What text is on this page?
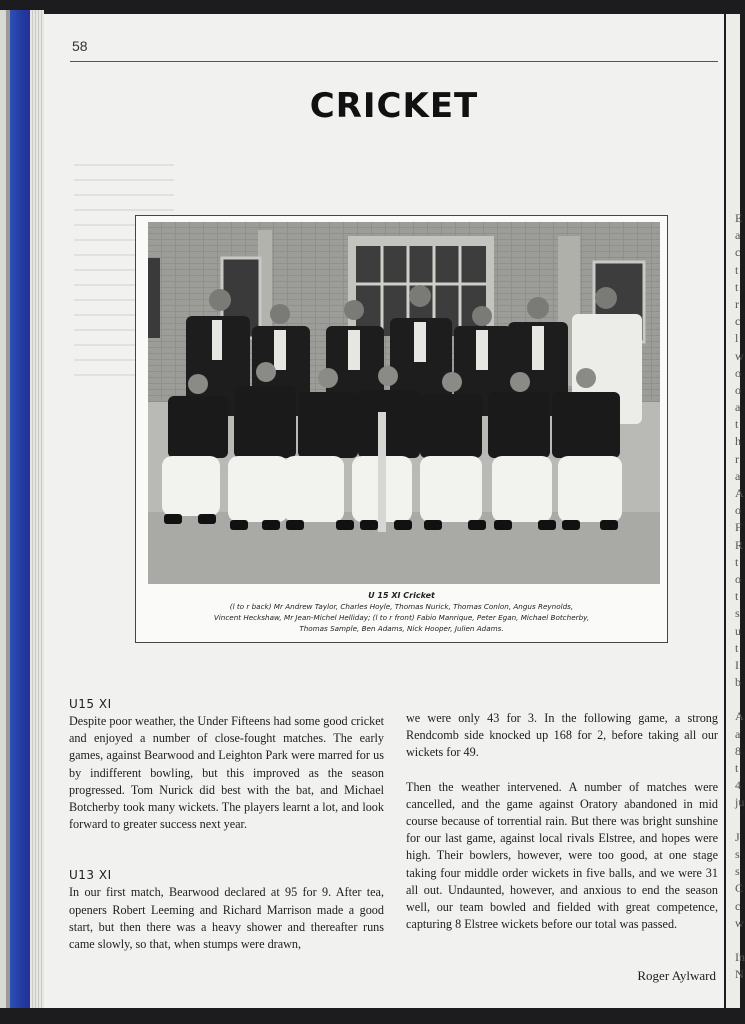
58
CRICKET
U 15 XI Cricket
(l to r back) Mr Andrew Taylor, Charles Hoyle, Thomas Nurick, Thomas Conlon, Angus Reynolds,
Vincent Heckshaw, Mr Jean-Michel Helliday; (l to r front) Fabio Manrique, Peter Egan, Michael Botcherby,
Thomas Sample, Ben Adams, Nick Hooper, Julien Adams.
U15 XI

Despite poor weather, the Under Fifteens had some good cricket and enjoyed a number of close-fought matches. The early games, against Bearwood and Leighton Park were marred for us by indifferent bowling, but this improved as the season progressed. Tom Nurick did best with the bat, and Michael Botcherby took many wickets. The players learnt a lot, and look forward to greater success next year.

U13 XI

In our first match, Bearwood declared at 95 for 9. After tea, openers Robert Leeming and Richard Marrison made a good start, but then there was a heavy shower and thereafter runs came slowly, so that, when stumps were drawn,

we were only 43 for 3. In the following game, a strong Rendcomb side knocked up 168 for 2, before taking all our wickets for 49.

Then the weather intervened. A number of matches were cancelled, and the game against Oratory abandoned in mid course because of torrential rain. But there was bright sunshine for our last game, against local rivals Elstree, and hopes were high. Their bowlers, however, were too good, at one stage taking four middle order wickets in five balls, and we were 31 all out. Undaunted, however, and anxious to end the season well, our team bowled and fielded with great competence, capturing 8 Elstree wickets before our total was passed.

Roger Aylward
E
a
c
t
t
r
c
l
w
o
o
a
t
h
r
a
A
o
F
R
t
o
t
s
u
t
I
b
A
a
8
t
4
ju
J
s
s
C
c
w
In
N
